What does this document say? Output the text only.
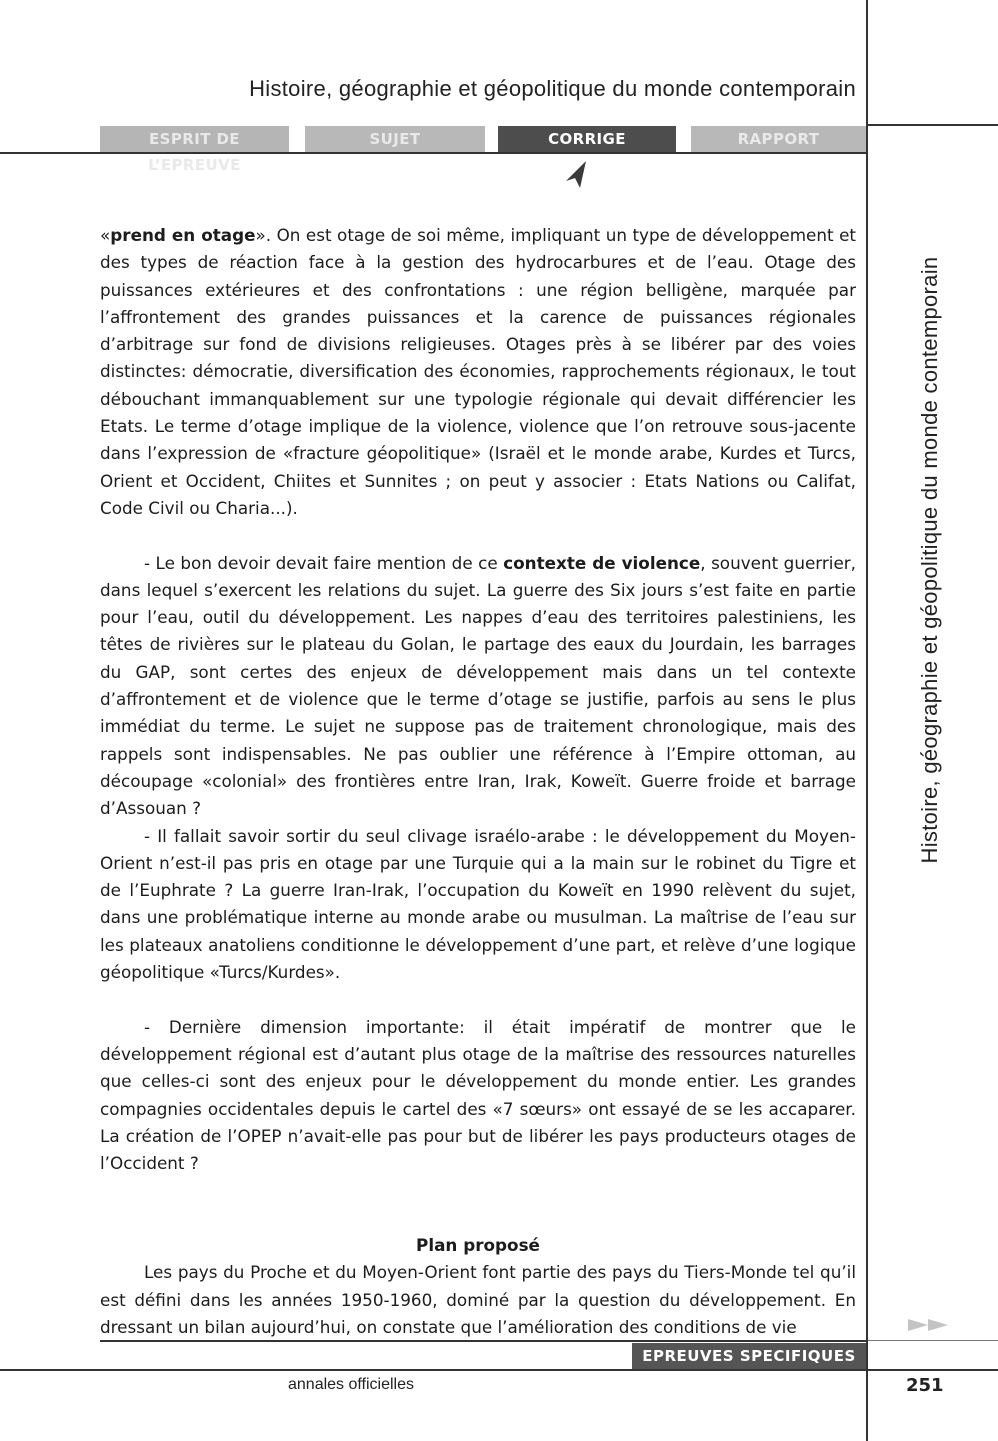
Histoire, géographie et géopolitique du monde contemporain
ESPRIT DE L’EPREUVE
SUJET	CORRIGE	RAPPORT
Histoire, géographie et géopolitique du monde contemporain

«prend en otage». On est otage de soi même, impliquant un type de développement et des types de réaction face à la gestion des hydrocarbures et de l’eau. Otage des puissances extérieures et des confrontations : une région belligène, marquée par l’affrontement des grandes puissances et la carence de puissances régionales d’arbitrage sur fond de divisions religieuses. Otages près à se libérer par des voies distinctes: démocratie, diversification des économies, rapprochements régionaux, le tout débouchant immanquablement sur une typologie régionale qui devait différencier les Etats. Le terme d’otage implique de la violence, violence que l’on retrouve sous-jacente dans l’expression de «fracture géopolitique» (Israël et le monde arabe, Kurdes et Turcs, Orient et Occident, Chiites et Sunnites ; on peut y associer : Etats Nations ou Califat, Code Civil ou Charia...).

- Le bon devoir devait faire mention de ce contexte de violence, souvent guerrier, dans lequel s’exercent les relations du sujet. La guerre des Six jours s’est faite en partie pour l’eau, outil du développement. Les nappes d’eau des territoires palestiniens, les têtes de rivières sur le plateau du Golan, le partage des eaux du Jourdain, les barrages du GAP, sont certes des enjeux de développement mais dans un tel contexte d’affrontement et de violence que le terme d’otage se justifie, parfois au sens le plus immédiat du terme. Le sujet ne suppose pas de traitement chronologique, mais des rappels sont indispensables. Ne pas oublier une référence à l’Empire ottoman, au découpage «colonial» des frontières entre Iran, Irak, Koweït. Guerre froide et barrage d’Assouan ?

- Il fallait savoir sortir du seul clivage israélo-arabe : le développement du Moyen-Orient n’est-il pas pris en otage par une Turquie qui a la main sur le robinet du Tigre et de l’Euphrate ? La guerre Iran-Irak, l’occupation du Koweït en 1990 relèvent du sujet, dans une problématique interne au monde arabe ou musulman. La maîtrise de l’eau sur les plateaux anatoliens conditionne le développement d’une part, et relève d’une logique géopolitique «Turcs/Kurdes».

- Dernière dimension importante: il était impératif de montrer que le développement régional est d’autant plus otage de la maîtrise des ressources naturelles que celles-ci sont des enjeux pour le développement du monde entier. Les grandes compagnies occidentales depuis le cartel des «7 sœurs» ont essayé de se les accaparer. La création de l’OPEP n’avait-elle pas pour but de libérer les pays producteurs otages de l’Occident ?

Plan proposé

Les pays du Proche et du Moyen-Orient font partie des pays du Tiers-Monde tel qu’il est défini dans les années 1950-1960, dominé par la question du développement. En dressant un bilan aujourd’hui, on constate que l’amélioration des conditions de vie

EPREUVES SPECIFIQUES
annales officielles	251
